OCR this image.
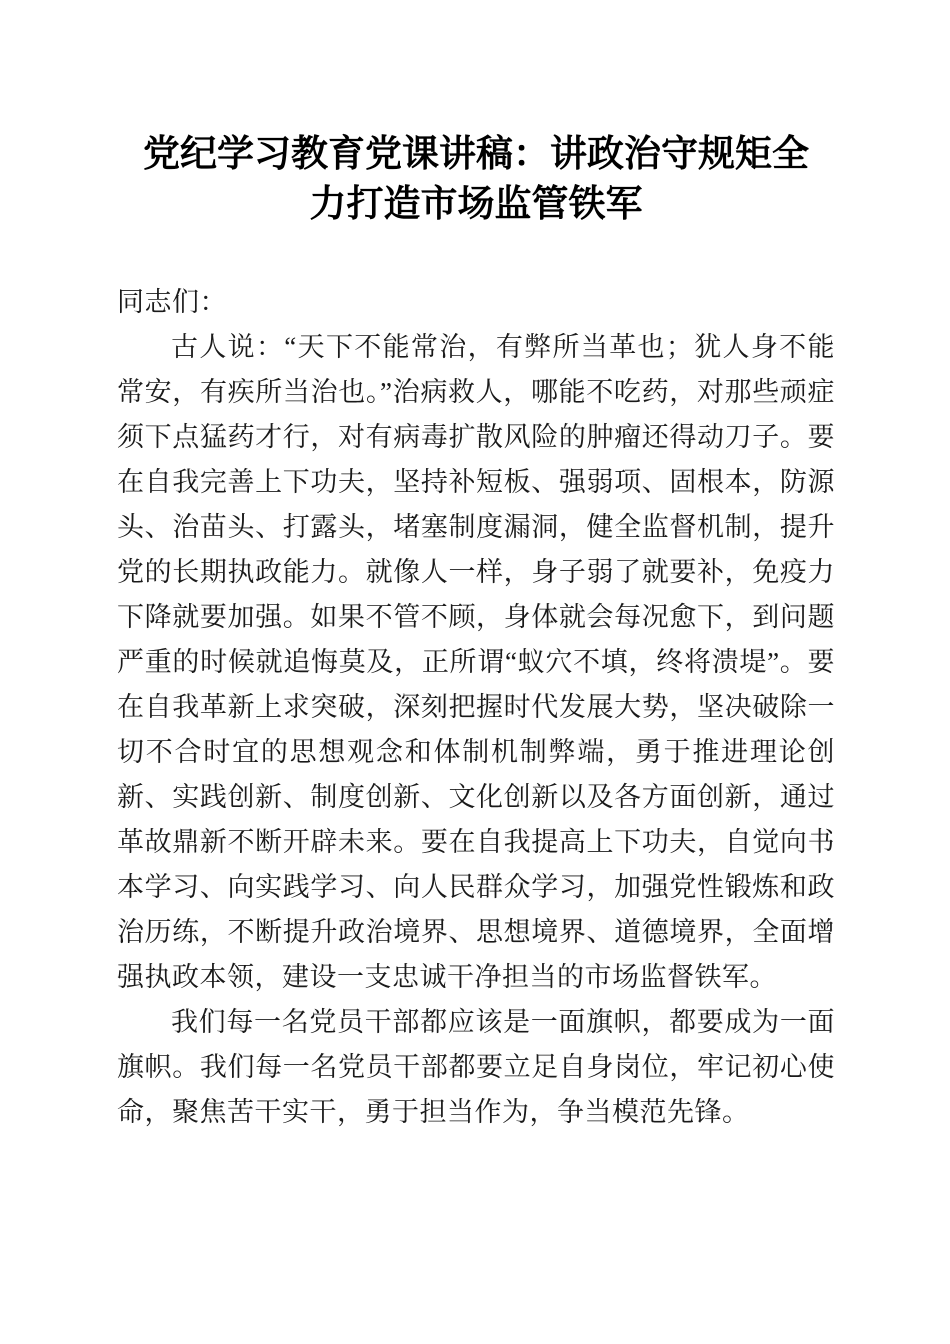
党纪学习教育党课讲稿：讲政治守规矩全力打造市场监管铁军

同志们：

古人说：“天下不能常治，有弊所当革也；犹人身不能常安，有疾所当治也。”治病救人，哪能不吃药，对那些顽症须下点猛药才行，对有病毒扩散风险的肿瘤还得动刀子。要在自我完善上下功夫，坚持补短板、强弱项、固根本，防源头、治苗头、打露头，堵塞制度漏洞，健全监督机制，提升党的长期执政能力。就像人一样，身子弱了就要补，免疫力下降就要加强。如果不管不顾，身体就会每况愈下，到问题严重的时候就追悔莫及，正所谓“蚁穴不填，终将溃堤”。要在自我革新上求突破，深刻把握时代发展大势，坚决破除一切不合时宜的思想观念和体制机制弊端，勇于推进理论创新、实践创新、制度创新、文化创新以及各方面创新，通过革故鼎新不断开辟未来。要在自我提高上下功夫，自觉向书本学习、向实践学习、向人民群众学习，加强党性锻炼和政治历练，不断提升政治境界、思想境界、道德境界，全面增强执政本领，建设一支忠诚干净担当的市场监督铁军。

我们每一名党员干部都应该是一面旗帜，都要成为一面旗帜。我们每一名党员干部都要立足自身岗位，牢记初心使命，聚焦苦干实干，勇于担当作为，争当模范先锋。
